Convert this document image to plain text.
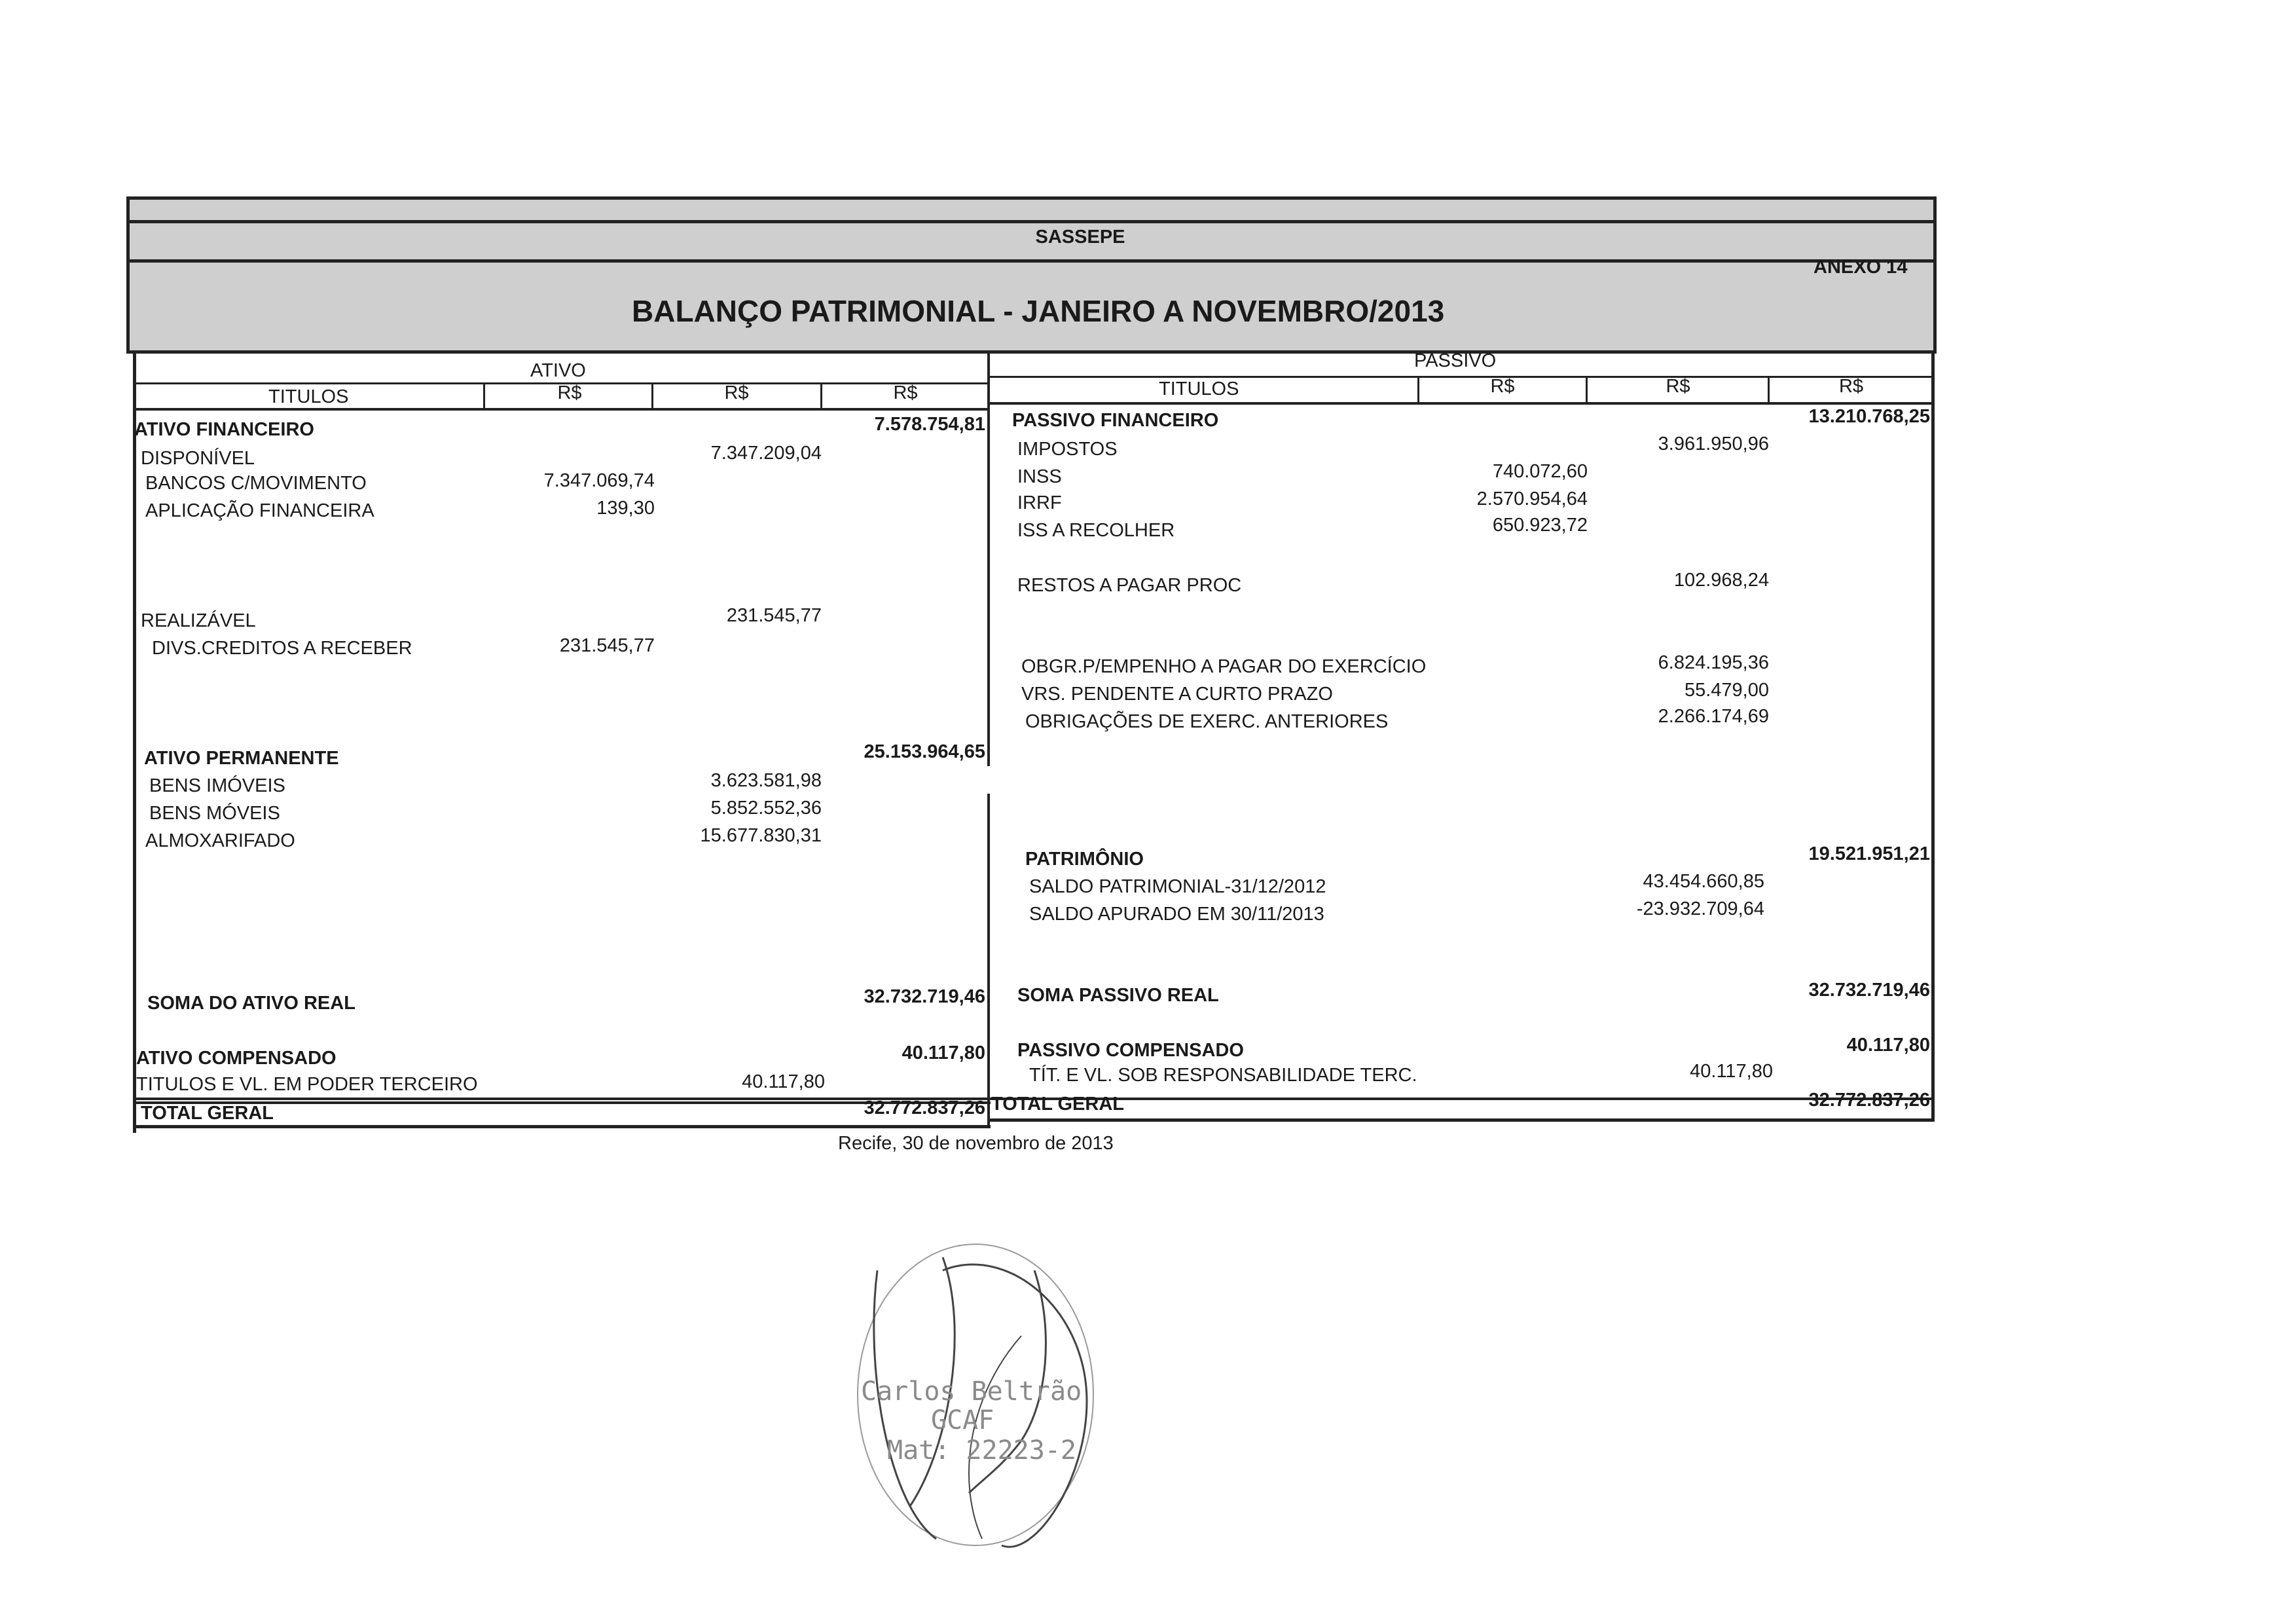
SASSEPE
ANEXO 14
BALANÇO PATRIMONIAL - JANEIRO A NOVEMBRO/2013
ATIVO	PASSIVO
TITULOS	R$	R$	R$	TITULOS	R$	R$	R$
ATIVO FINANCEIRO	7.578.754,81
DISPONÍVEL	7.347.209,04
BANCOS C/MOVIMENTO	7.347.069,74
APLICAÇÃO FINANCEIRA	139,30
REALIZÁVEL	231.545,77
DIVS.CREDITOS A RECEBER	231.545,77
ATIVO PERMANENTE	25.153.964,65
BENS IMÓVEIS	3.623.581,98
BENS MÓVEIS	5.852.552,36
ALMOXARIFADO	15.677.830,31
SOMA DO ATIVO REAL	32.732.719,46
ATIVO COMPENSADO	40.117,80
TITULOS E VL. EM PODER TERCEIRO	40.117,80
TOTAL GERAL	32.772.837,26
PASSIVO FINANCEIRO	13.210.768,25
IMPOSTOS	3.961.950,96
INSS	740.072,60
IRRF	2.570.954,64
ISS A RECOLHER	650.923,72
RESTOS A PAGAR PROC	102.968,24
OBGR.P/EMPENHO A PAGAR DO EXERCÍCIO	6.824.195,36
VRS. PENDENTE A CURTO PRAZO	55.479,00
OBRIGAÇÕES DE EXERC. ANTERIORES	2.266.174,69
PATRIMÔNIO	19.521.951,21
SALDO PATRIMONIAL-31/12/2012	43.454.660,85
SALDO APURADO EM 30/11/2013	-23.932.709,64
SOMA PASSIVO REAL	32.732.719,46
PASSIVO COMPENSADO	40.117,80
TÍT. E VL. SOB RESPONSABILIDADE TERC.	40.117,80
TOTAL GERAL	32.772.837,26
Recife, 30 de novembro de 2013
Carlos Beltrão
GCAF
Mat: 22223-2
